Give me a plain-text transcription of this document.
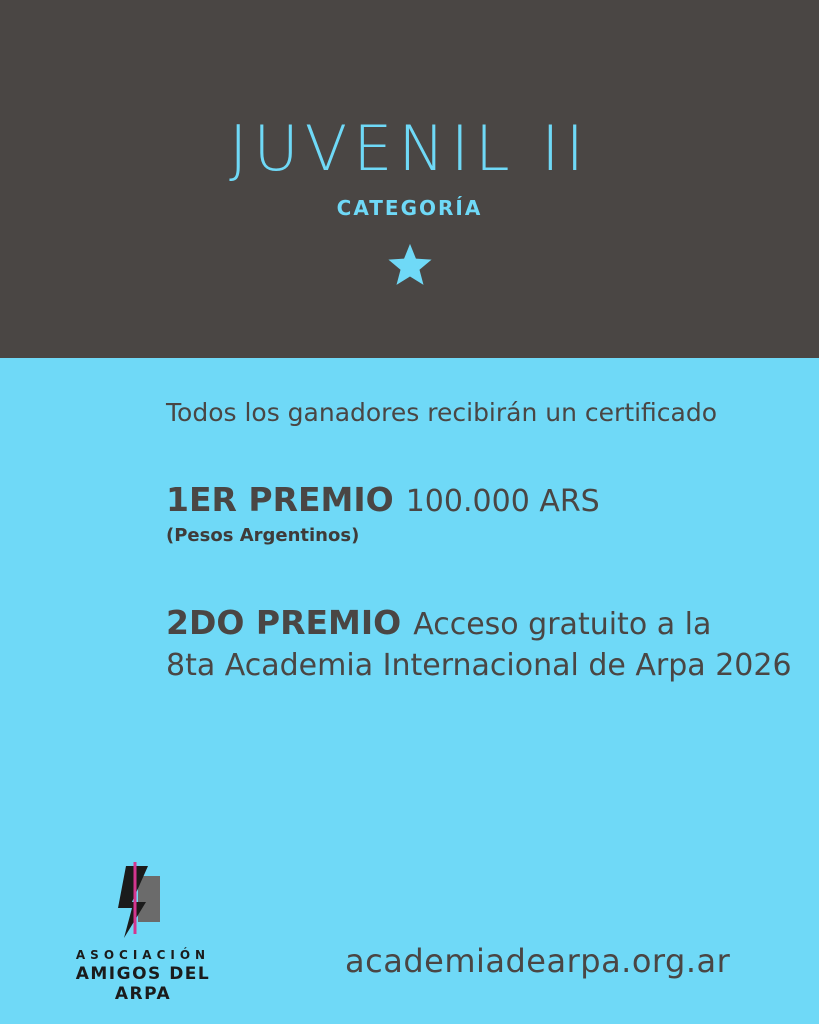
JUVENIL II
CATEGORÍA
Todos los ganadores recibirán un certificado
1ER PREMIO 100.000 ARS
(Pesos Argentinos)
2DO PREMIO Acceso gratuito a la
8ta Academia Internacional de Arpa 2026
ASOCIACIÓN
AMIGOS DEL ARPA
academiadearpa.org.ar
